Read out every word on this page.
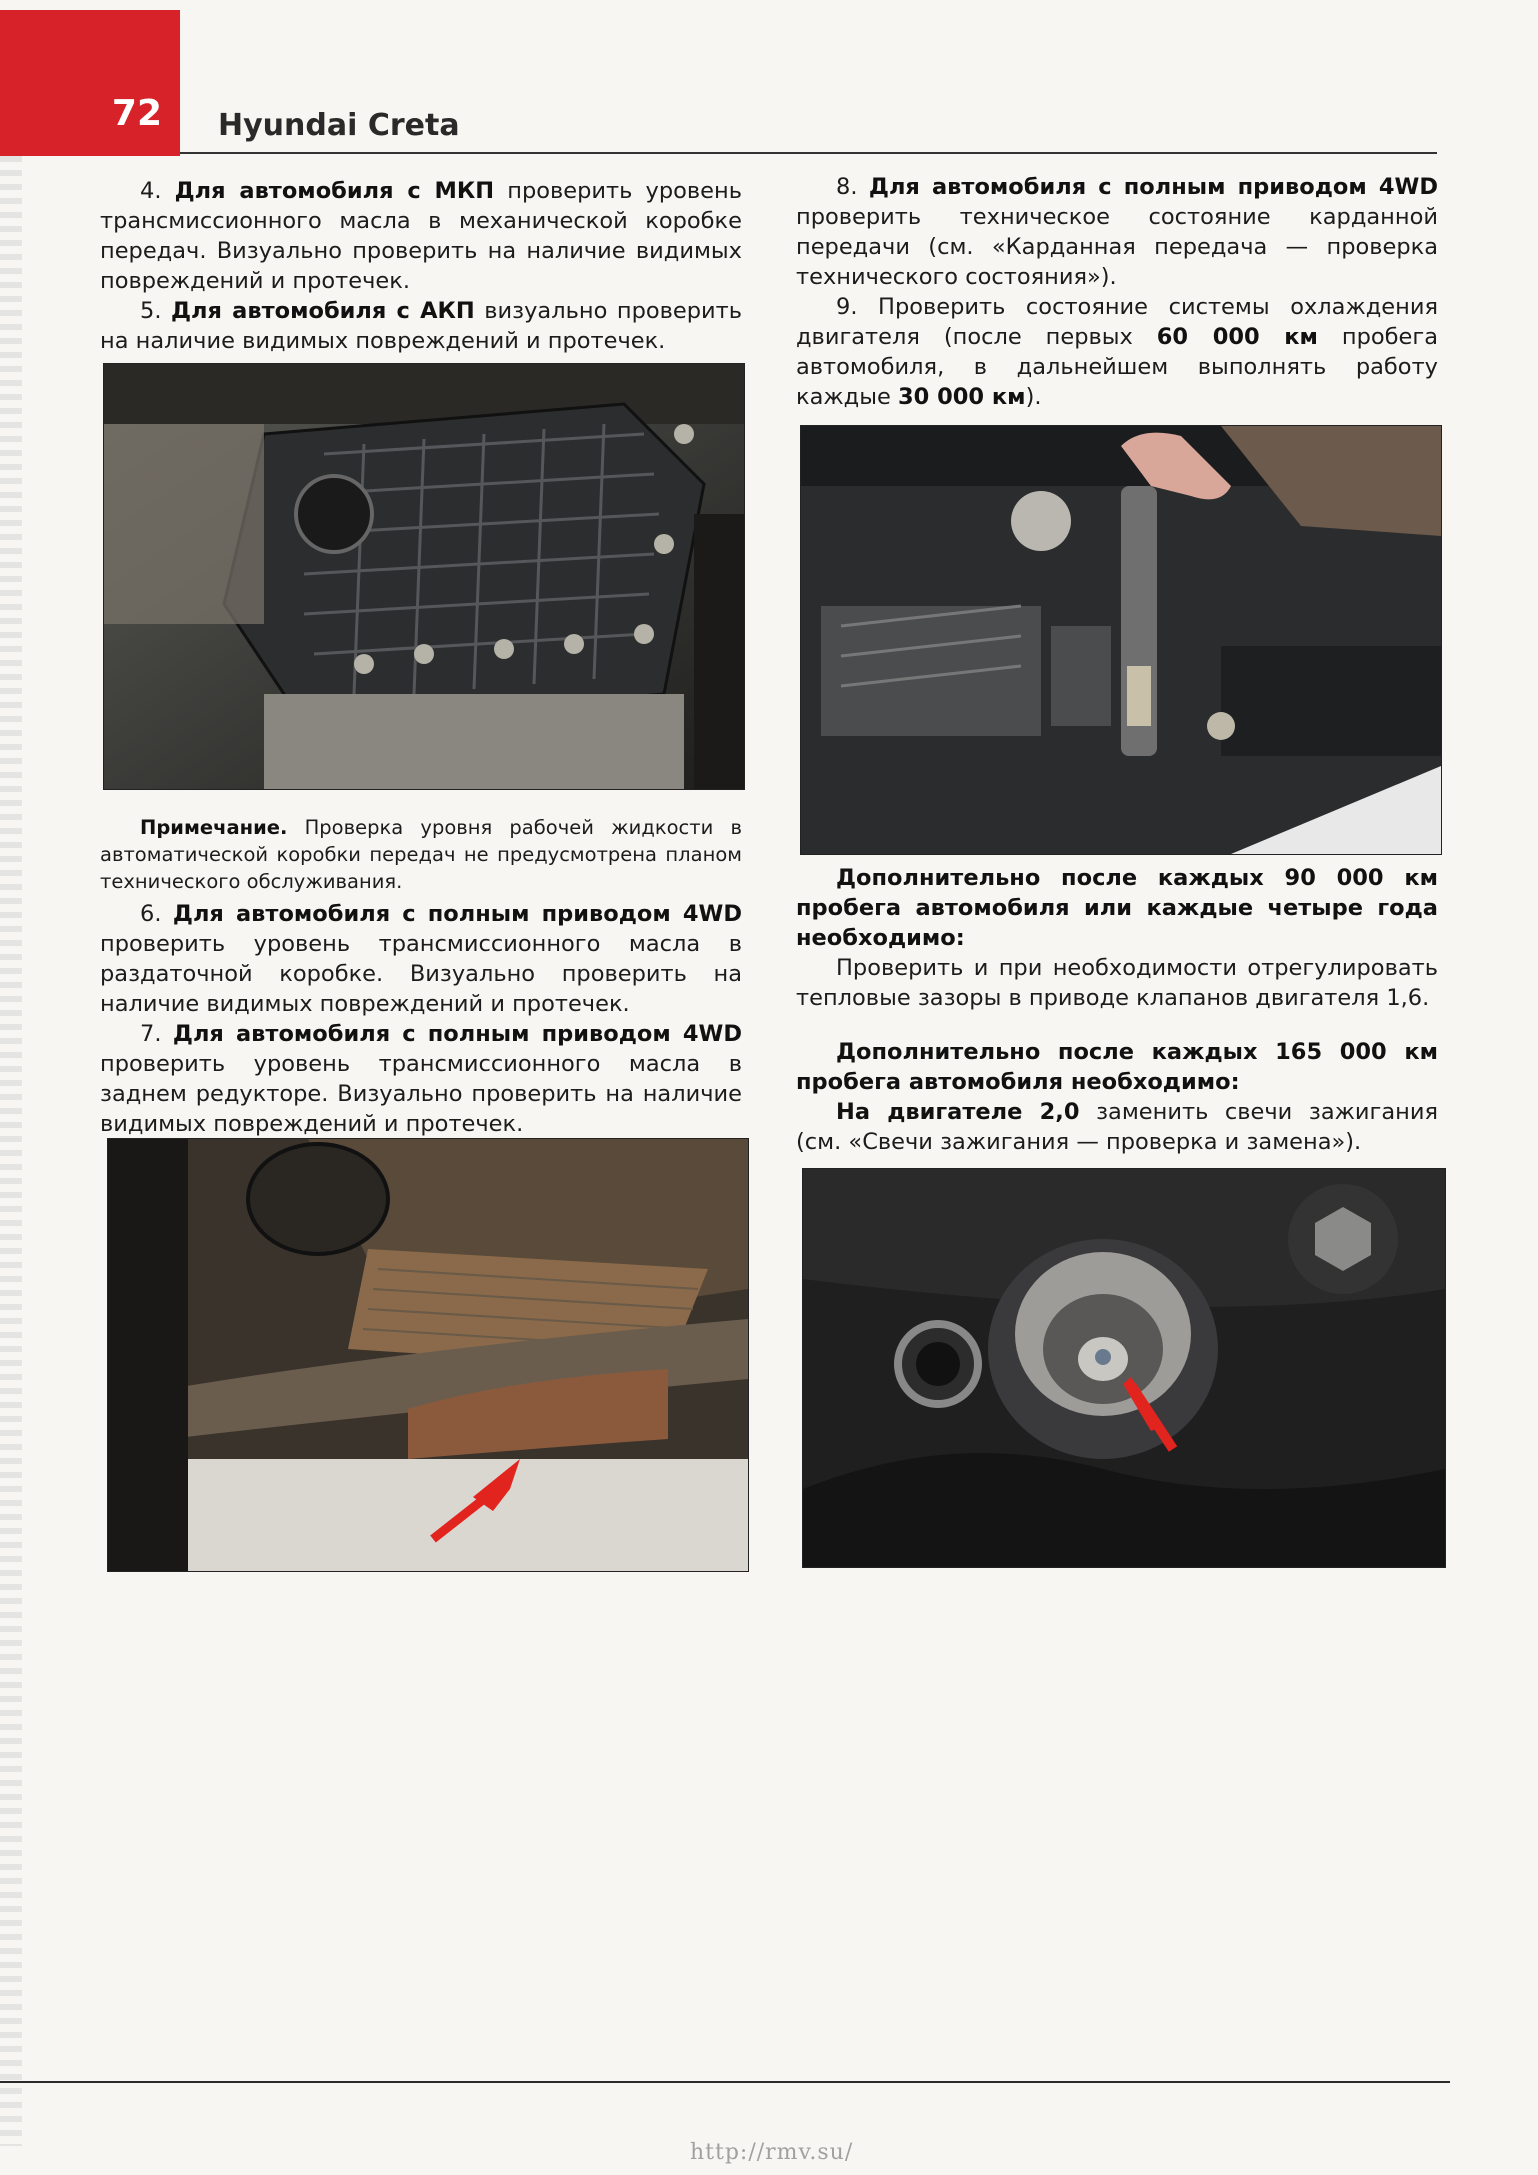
72 Hyundai Creta

4. Для автомобиля с МКП проверить уровень трансмиссионного масла в механической коробке передач. Визуально проверить на наличие видимых повреждений и протечек.

5. Для автомобиля с АКП визуально проверить на наличие видимых повреждений и протечек.

Примечание. Проверка уровня рабочей жидкости в автоматической коробки передач не предусмотрена планом технического обслуживания.

6. Для автомобиля с полным приводом 4WD проверить уровень трансмиссионного масла в раздаточной коробке. Визуально проверить на наличие видимых повреждений и протечек.

7. Для автомобиля с полным приводом 4WD проверить уровень трансмиссионного масла в заднем редукторе. Визуально проверить на наличие видимых повреждений и протечек.

8. Для автомобиля с полным приводом 4WD проверить техническое состояние карданной передачи (см. «Карданная передача — проверка технического состояния»).

9. Проверить состояние системы охлаждения двигателя (после первых 60 000 км пробега автомобиля, в дальнейшем выполнять работу каждые 30 000 км).

Дополнительно после каждых 90 000 км пробега автомобиля или каждые четыре года необходимо:

Проверить и при необходимости отрегулировать тепловые зазоры в приводе клапанов двигателя 1,6.

Дополнительно после каждых 165 000 км пробега автомобиля необходимо:

На двигателе 2,0 заменить свечи зажигания (см. «Свечи зажигания — проверка и замена»).

http://rmv.su/
